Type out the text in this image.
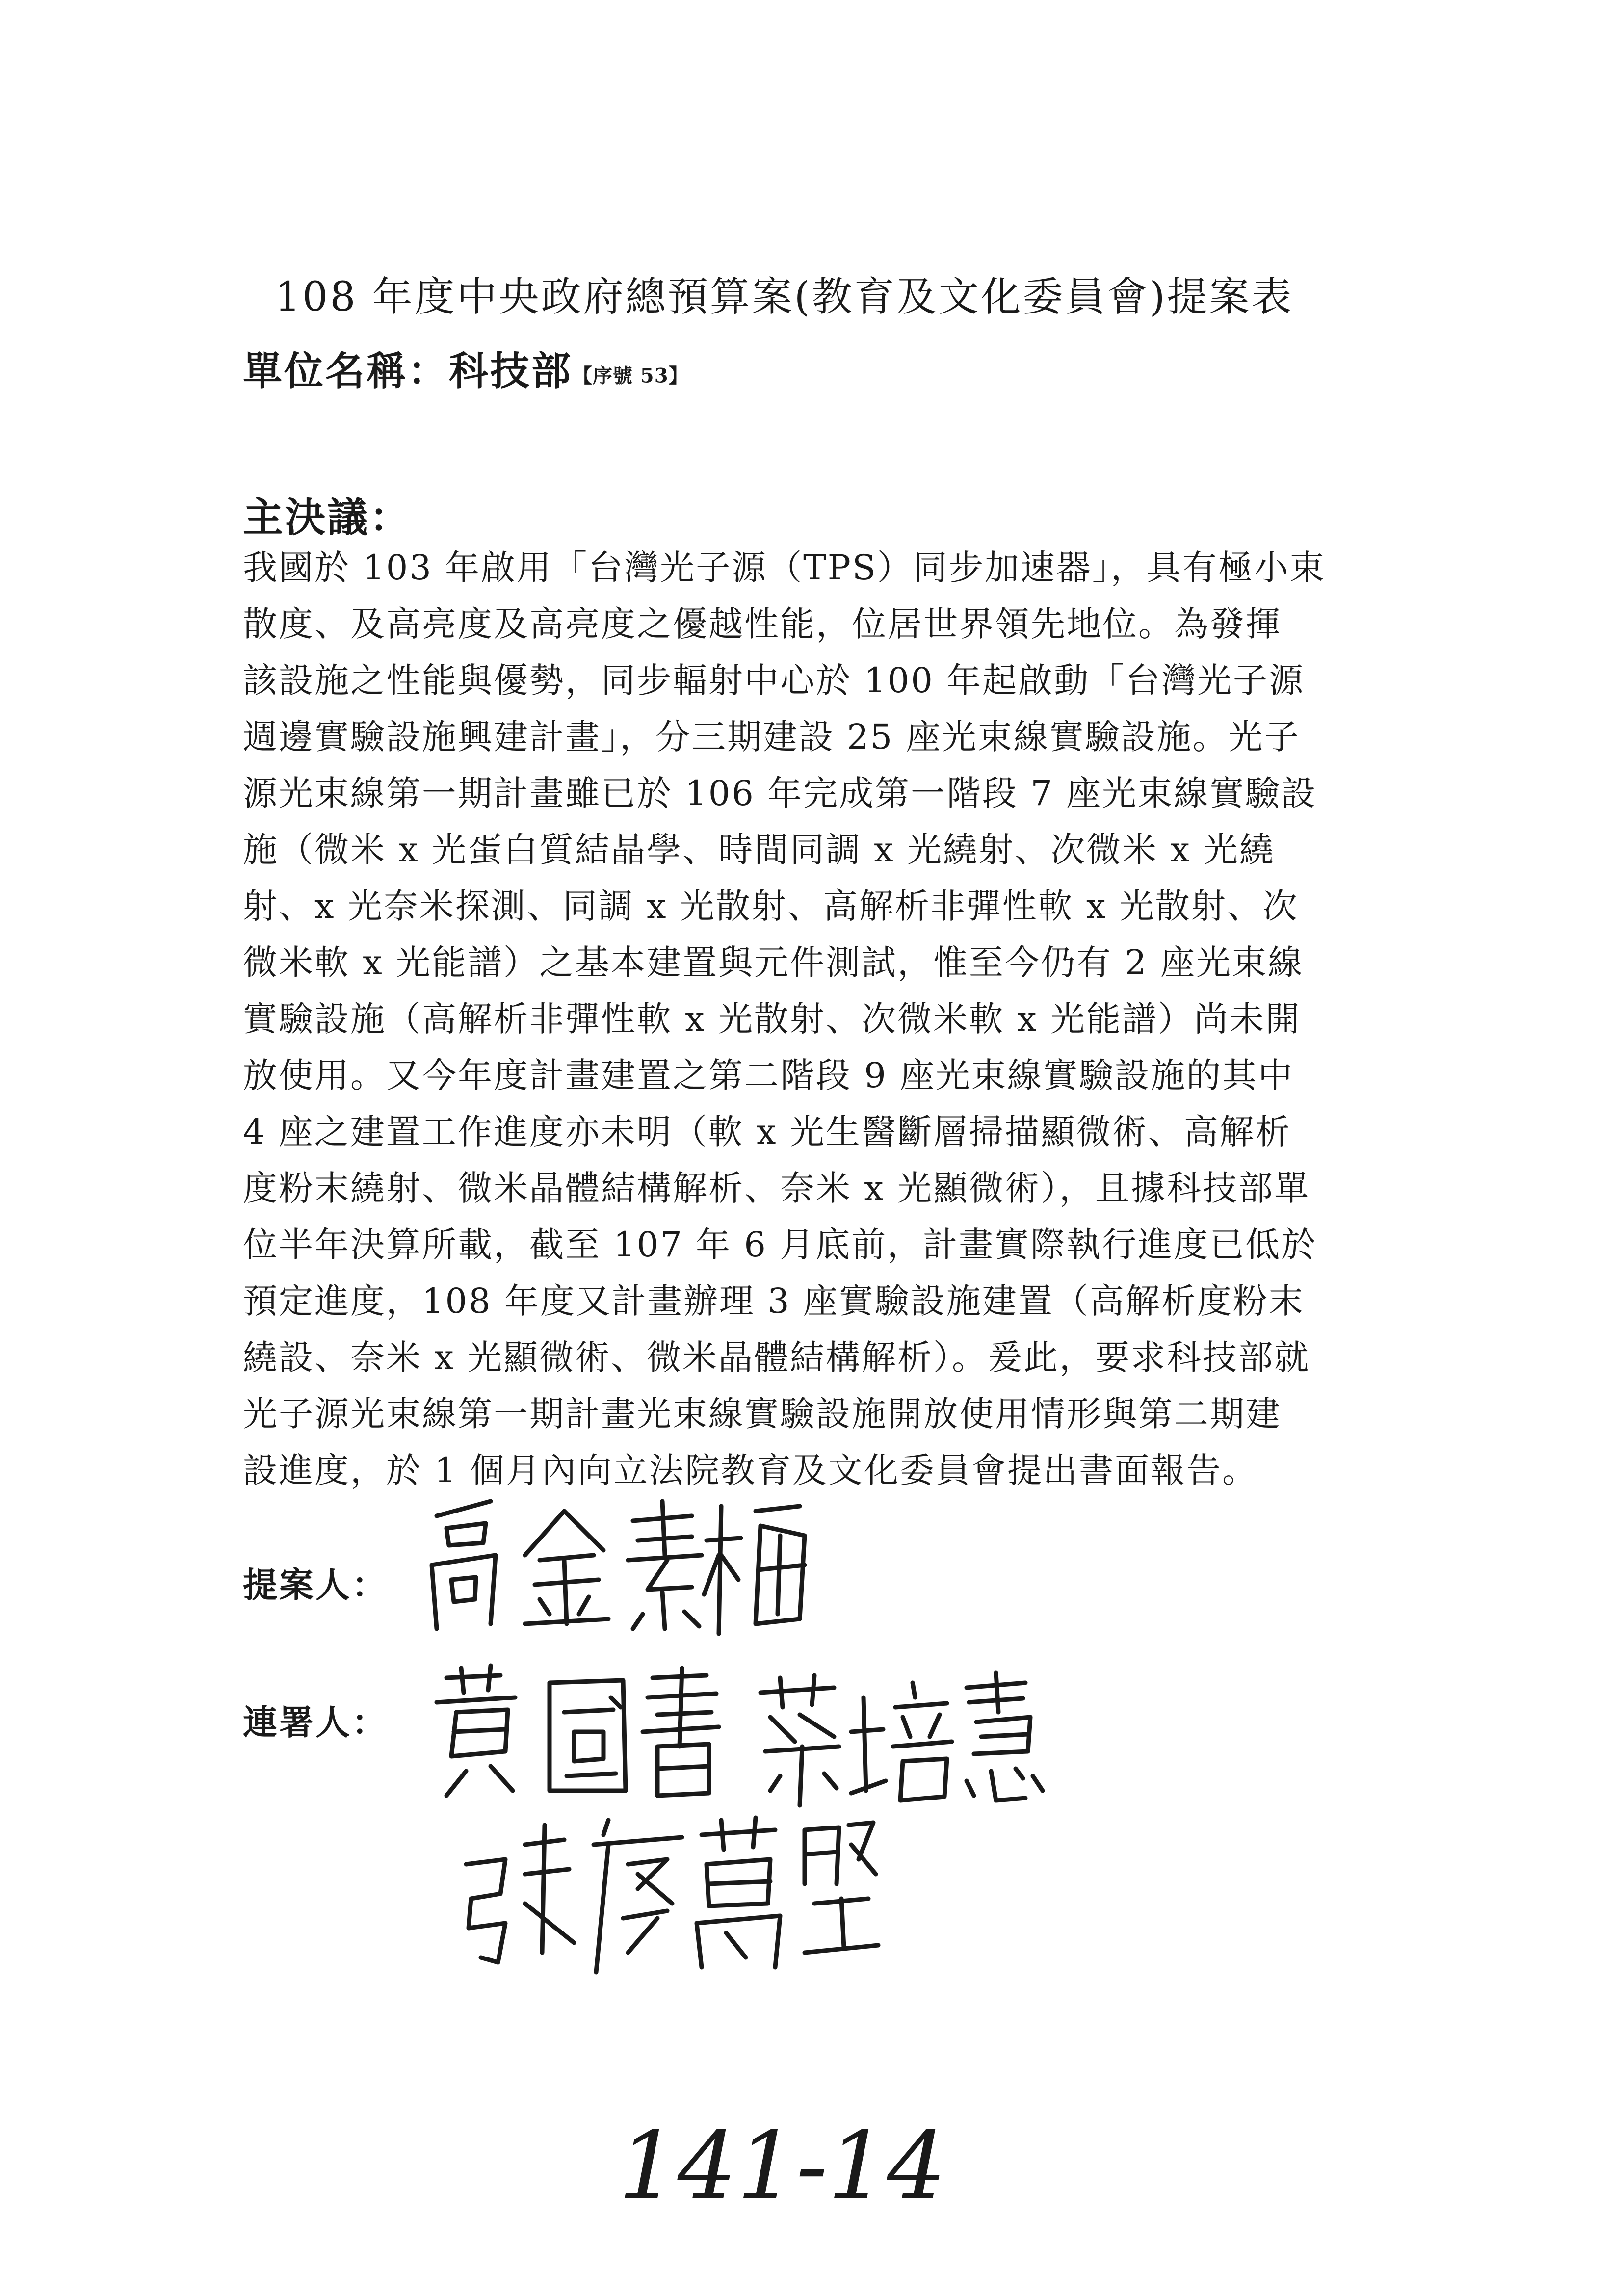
108 年度中央政府總預算案(教育及文化委員會)提案表
單位名稱：科技部【序號 53】
主決議：
我國於 103 年啟用「台灣光子源（TPS）同步加速器」，具有極小束
散度、及高亮度及高亮度之優越性能，位居世界領先地位。為發揮
該設施之性能與優勢，同步輻射中心於 100 年起啟動「台灣光子源
週邊實驗設施興建計畫」，分三期建設 25 座光束線實驗設施。光子
源光束線第一期計畫雖已於 106 年完成第一階段 7 座光束線實驗設
施（微米 x 光蛋白質結晶學、時間同調 x 光繞射、次微米 x 光繞
射、x 光奈米探測、同調 x 光散射、高解析非彈性軟 x 光散射、次
微米軟 x 光能譜）之基本建置與元件測試，惟至今仍有 2 座光束線
實驗設施（高解析非彈性軟 x 光散射、次微米軟 x 光能譜）尚未開
放使用。又今年度計畫建置之第二階段 9 座光束線實驗設施的其中
4 座之建置工作進度亦未明（軟 x 光生醫斷層掃描顯微術、高解析
度粉末繞射、微米晶體結構解析、奈米 x 光顯微術），且據科技部單
位半年決算所載，截至 107 年 6 月底前，計畫實際執行進度已低於
預定進度，108 年度又計畫辦理 3 座實驗設施建置（高解析度粉末
繞設、奈米 x 光顯微術、微米晶體結構解析）。爰此，要求科技部就
光子源光束線第一期計畫光束線實驗設施開放使用情形與第二期建
設進度，於 1 個月內向立法院教育及文化委員會提出書面報告。
提案人：
連署人：
141-14
